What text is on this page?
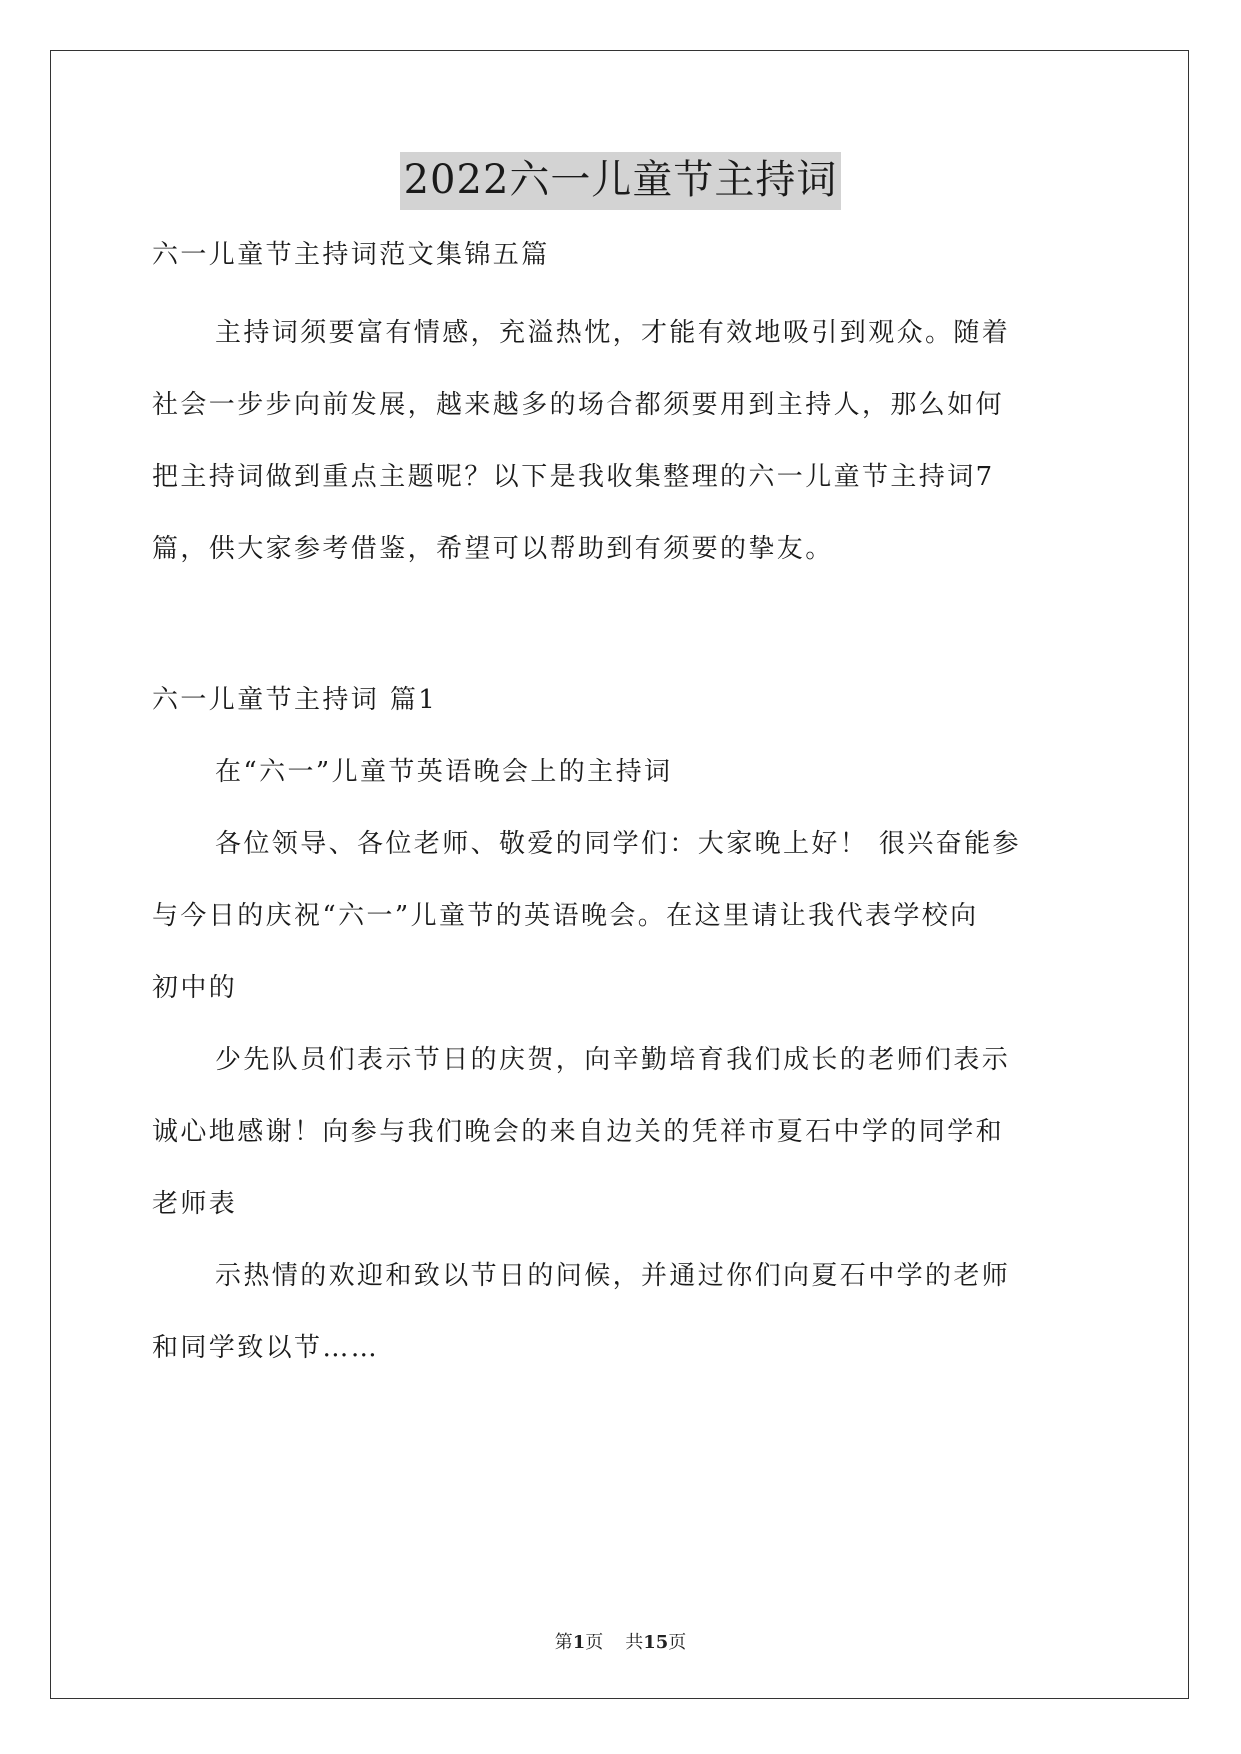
2022六一儿童节主持词
六一儿童节主持词范文集锦五篇
主持词须要富有情感，充溢热忱，才能有效地吸引到观众。随着
社会一步步向前发展，越来越多的场合都须要用到主持人，那么如何
把主持词做到重点主题呢？以下是我收集整理的六一儿童节主持词7
篇，供大家参考借鉴，希望可以帮助到有须要的挚友。
六一儿童节主持词 篇1
在“六一”儿童节英语晚会上的主持词
各位领导、各位老师、敬爱的同学们：大家晚上好！ 很兴奋能参
与今日的庆祝“六一”儿童节的英语晚会。在这里请让我代表学校向
初中的
少先队员们表示节日的庆贺，向辛勤培育我们成长的老师们表示
诚心地感谢！向参与我们晚会的来自边关的凭祥市夏石中学的同学和
老师表
示热情的欢迎和致以节日的问候，并通过你们向夏石中学的老师
和同学致以节……
第1页 共15页
